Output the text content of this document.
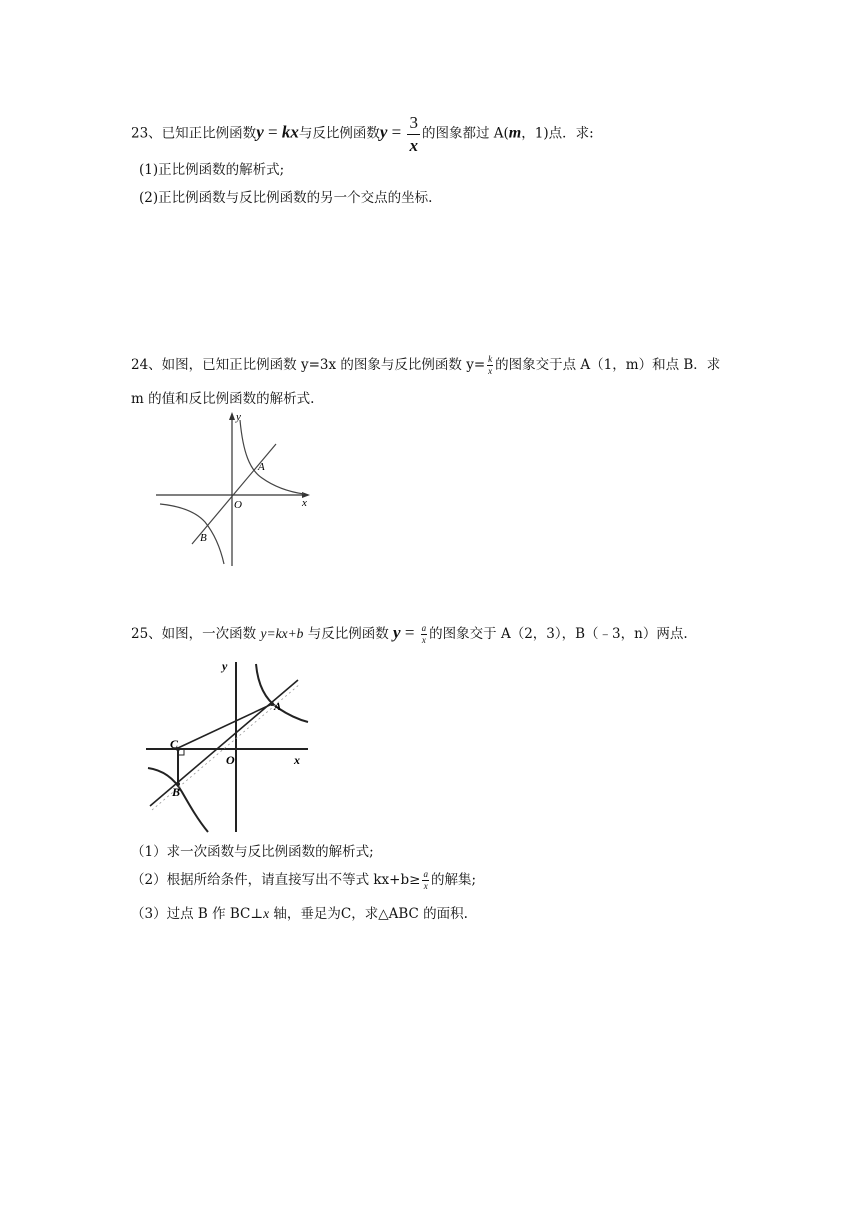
23、已知正比例函数y = kx与反比例函数$y = \frac{3}{x}$ 的图象都过 A(m，1)点．求:
(1)正比例函数的解析式;
(2)正比例函数与反比例函数的另一个交点的坐标.
24、如图，已知正比例函数 y=3x 的图象与反比例函数 $y= \frac{k}{x}$ 的图象交于点 A（1，m）和点 B．求
m 的值和反比例函数的解析式.
y
x
O
A
B
25、如图，一次函数 y=kx+b 与反比例函数 $y = \frac{a}{x}$ 的图象交于 A（2，3），B（﹣3，n）两点.
y
x
O
A
B
C
（1）求一次函数与反比例函数的解析式;
（2）根据所给条件，请直接写出不等式 $kx+b\ge \frac{a}{x}$ 的解集;
（3）过点 B 作 BC⊥x 轴，垂足为C，求△ABC 的面积.
